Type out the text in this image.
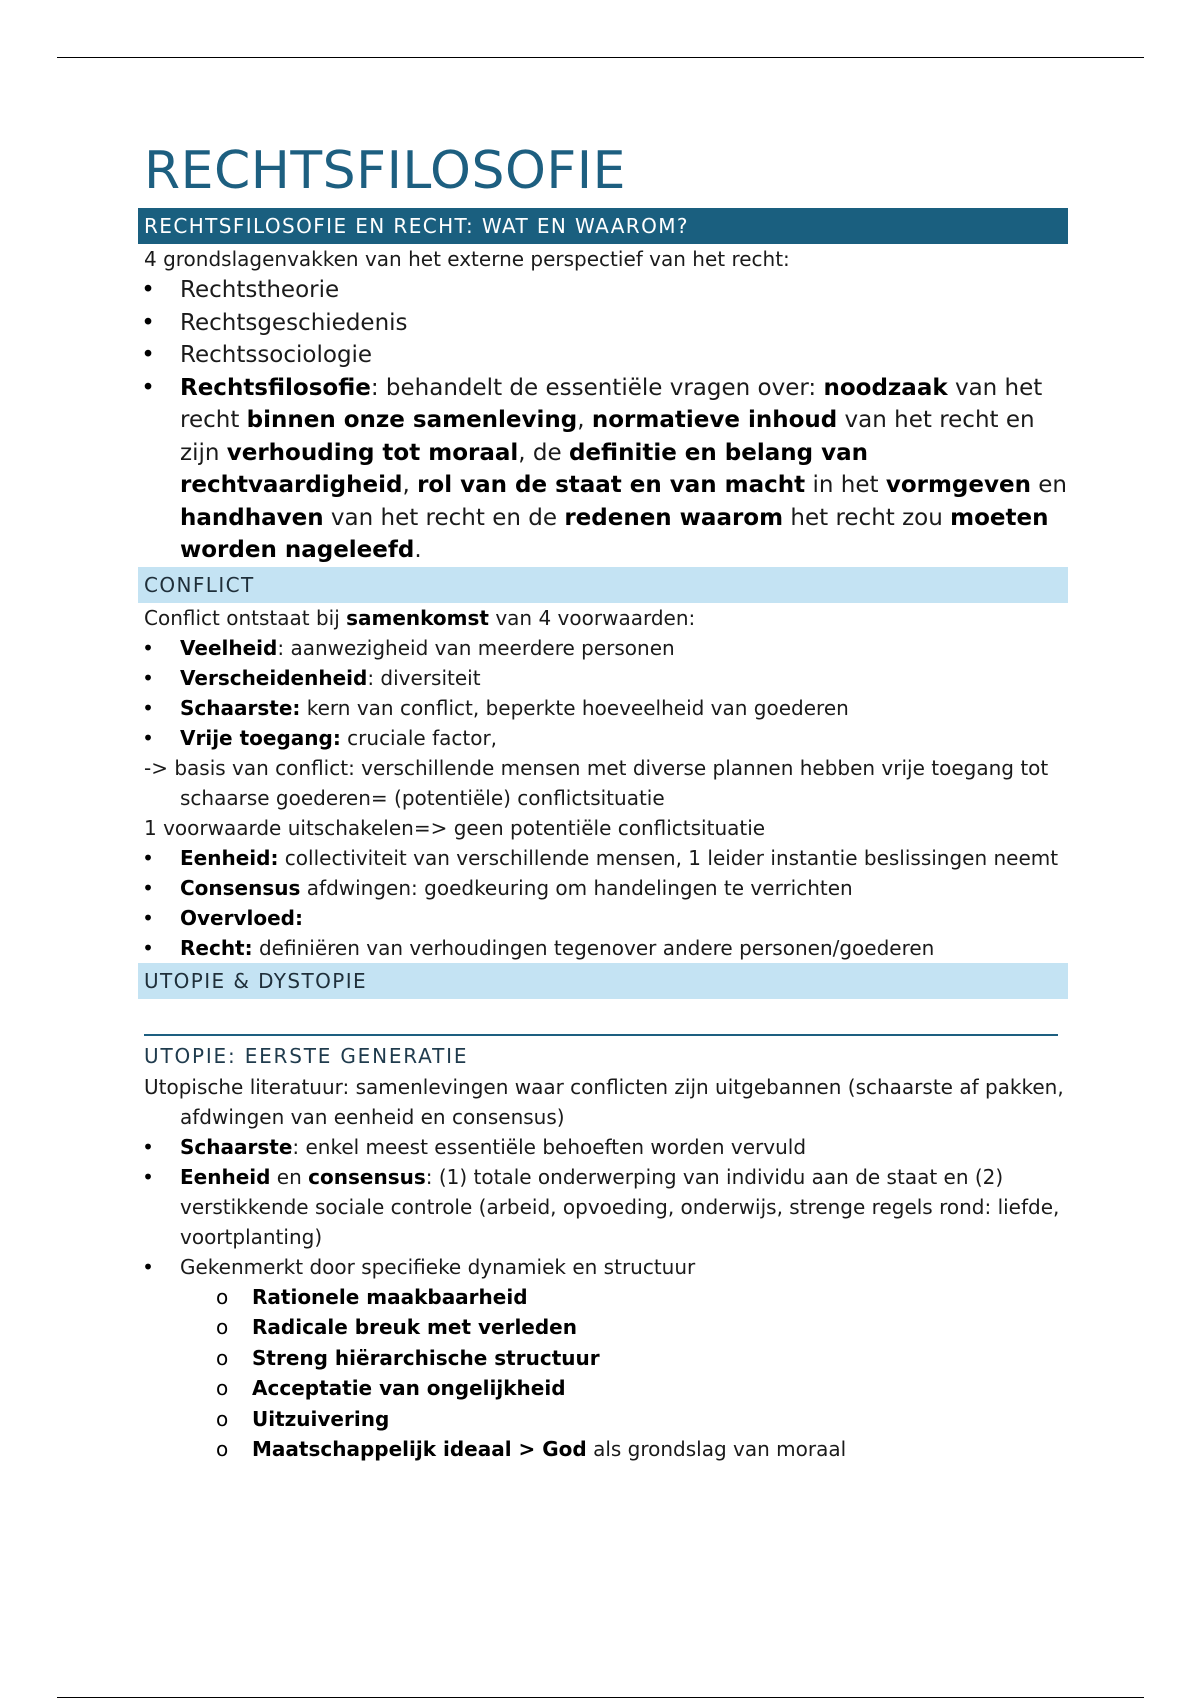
RECHTSFILOSOFIE
RECHTSFILOSOFIE EN RECHT: WAT EN WAAROM?

4 grondslagenvakken van het externe perspectief van het recht:

• Rechtstheorie
• Rechtsgeschiedenis
• Rechtssociologie
• Rechtsfilosofie: behandelt de essentiële vragen over: noodzaak van het recht binnen onze samenleving, normatieve inhoud van het recht en zijn verhouding tot moraal, de definitie en belang van rechtvaardigheid, rol van de staat en van macht in het vormgeven en handhaven van het recht en de redenen waarom het recht zou moeten worden nageleefd.
CONFLICT

Conflict ontstaat bij samenkomst van 4 voorwaarden:

• Veelheid: aanwezigheid van meerdere personen
• Verscheidenheid: diversiteit
• Schaarste: kern van conflict, beperkte hoeveelheid van goederen
• Vrije toegang: cruciale factor,

-> basis van conflict: verschillende mensen met diverse plannen hebben vrije toegang tot schaarse goederen= (potentiële) conflictsituatie

1 voorwaarde uitschakelen=> geen potentiële conflictsituatie

• Eenheid: collectiviteit van verschillende mensen, 1 leider instantie beslissingen neemt
• Consensus afdwingen: goedkeuring om handelingen te verrichten
• Overvloed:
• Recht: definiëren van verhoudingen tegenover andere personen/goederen
UTOPIE & DYSTOPIE
UTOPIE: EERSTE GENERATIE

Utopische literatuur: samenlevingen waar conflicten zijn uitgebannen (schaarste af pakken, afdwingen van eenheid en consensus)

• Schaarste: enkel meest essentiële behoeften worden vervuld
• Eenheid en consensus: (1) totale onderwerping van individu aan de staat en (2) verstikkende sociale controle (arbeid, opvoeding, onderwijs, strenge regels rond: liefde, voortplanting)
• Gekenmerkt door specifieke dynamiek en structuur
o Rationele maakbaarheid
o Radicale breuk met verleden
o Streng hiërarchische structuur
o Acceptatie van ongelijkheid
o Uitzuivering
o Maatschappelijk ideaal > God als grondslag van moraal
